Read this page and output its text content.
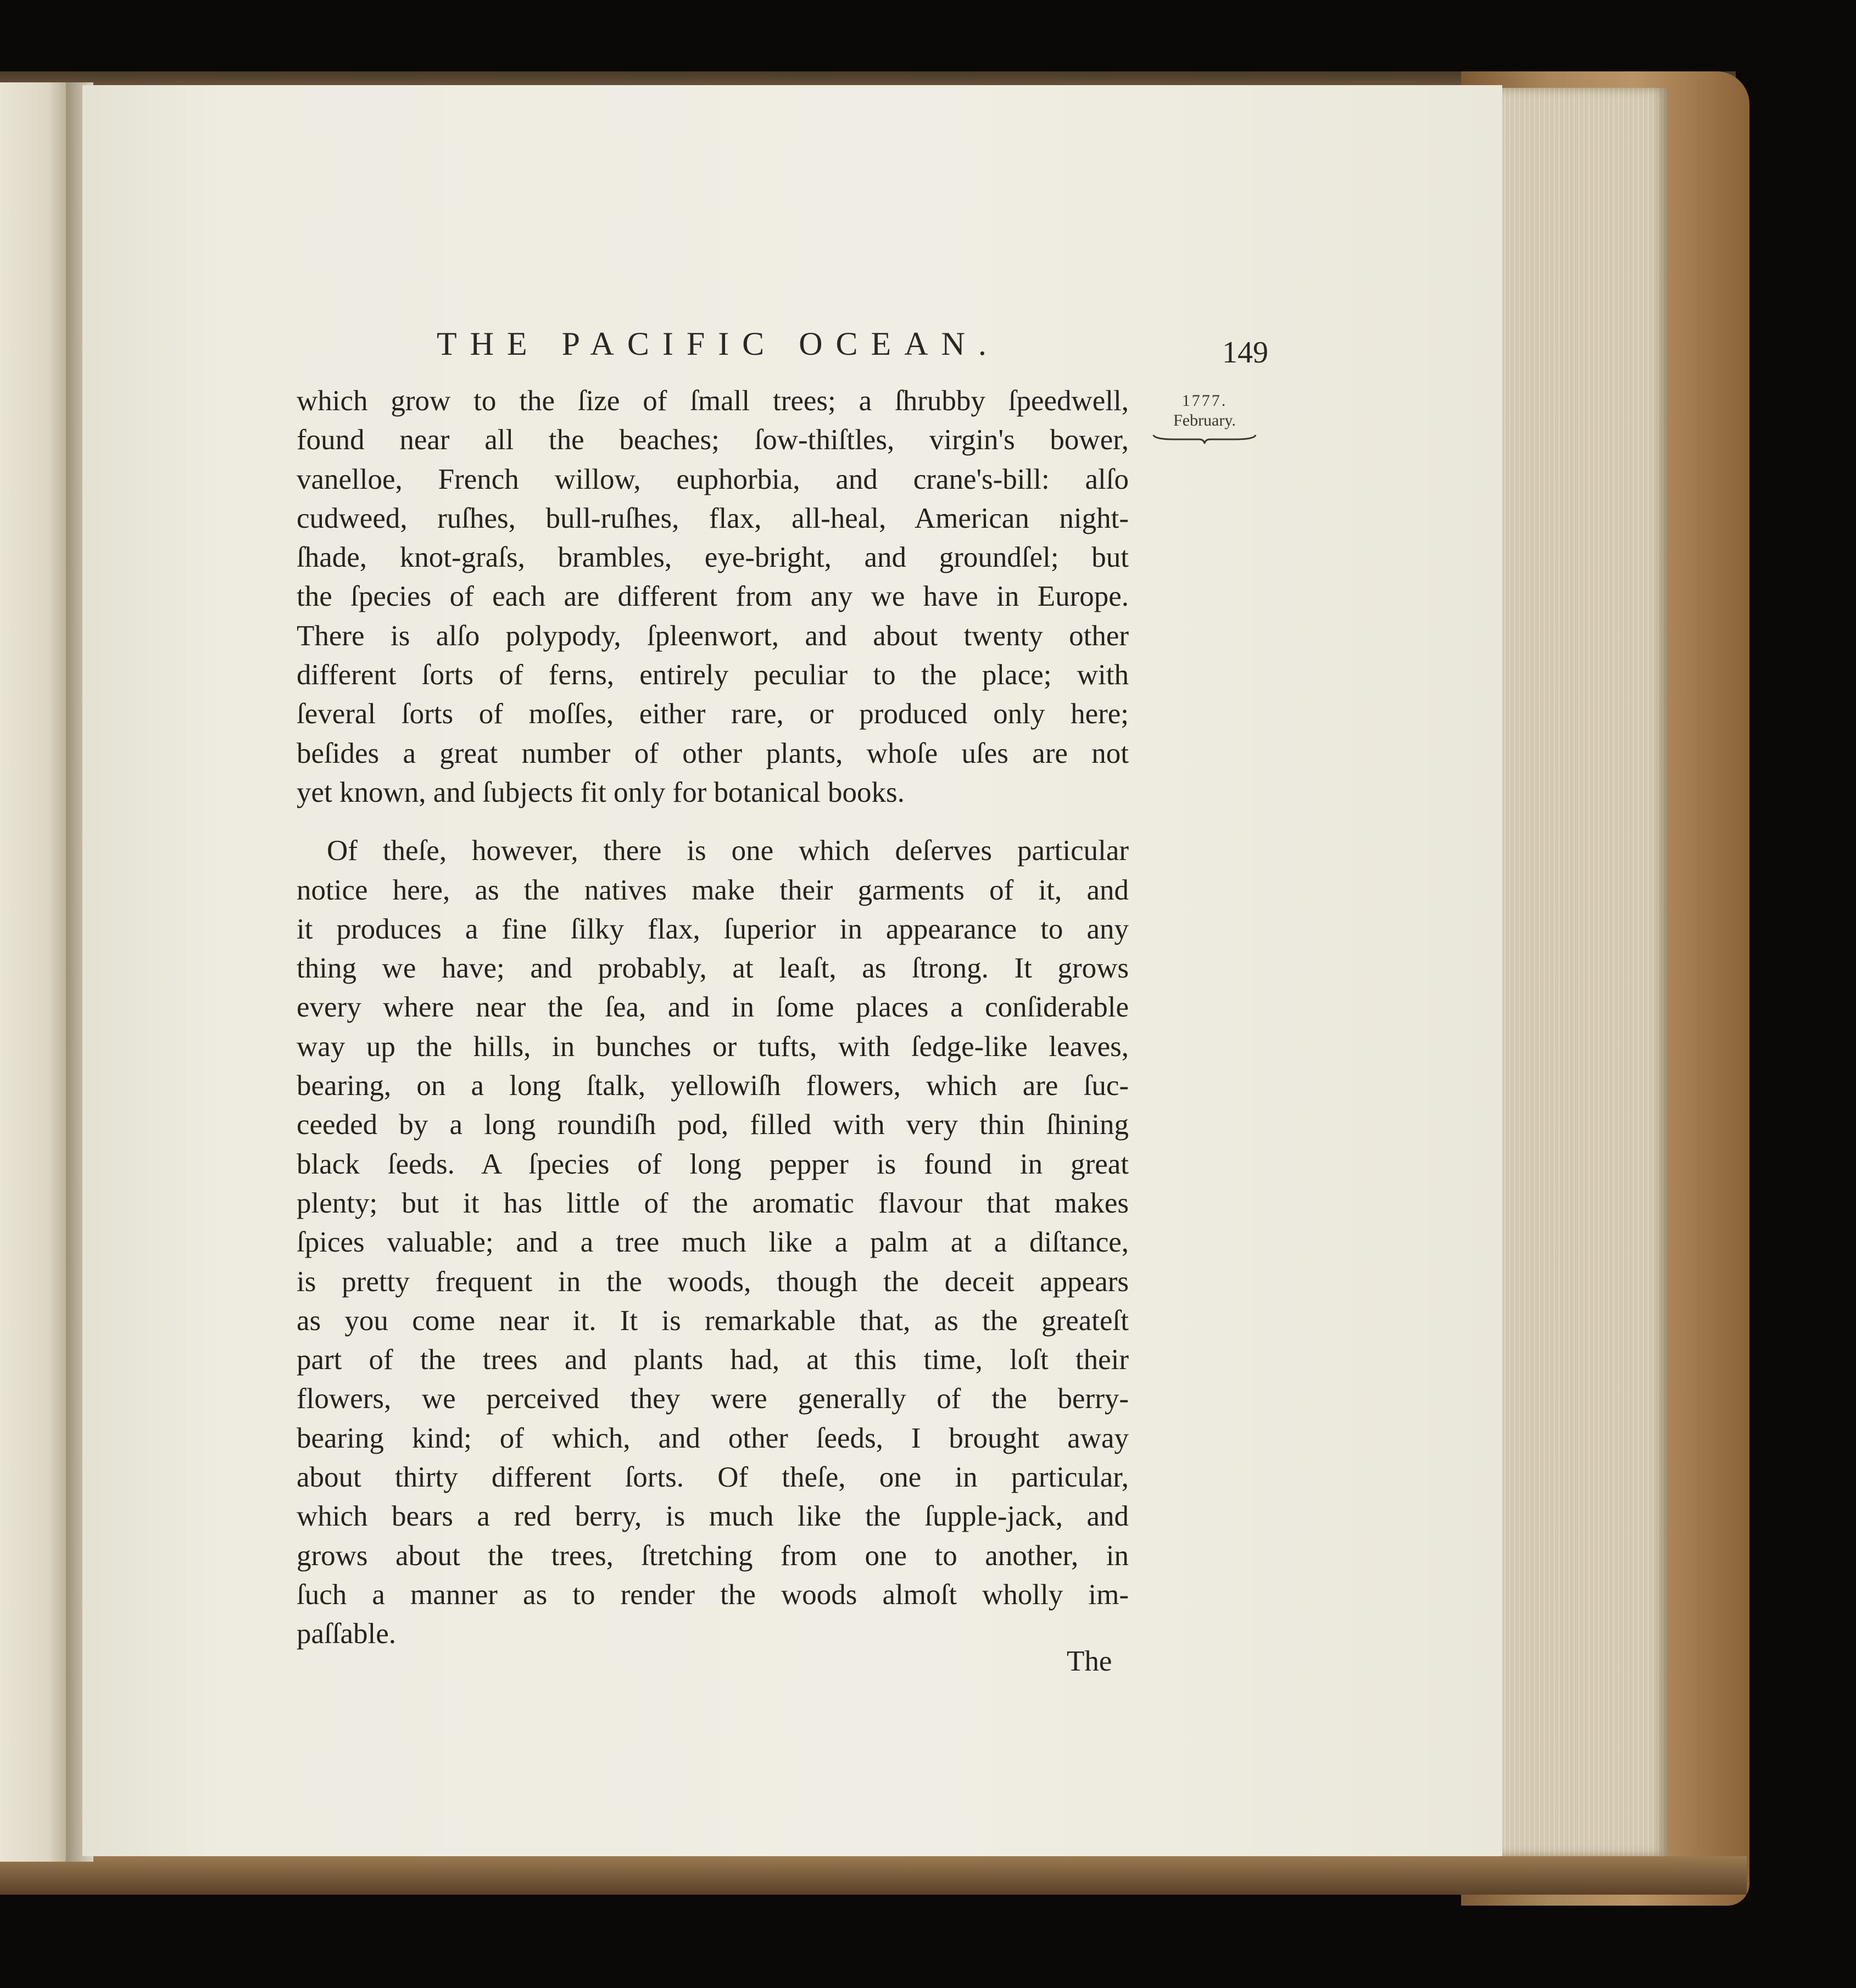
THE PACIFIC OCEAN.	149
1777.
February.
which grow to the ſize of ſmall trees; a ſhrubby ſpeedwell,
found near all the beaches; ſow-thiſtles, virgin's bower,
vanelloe, French willow, euphorbia, and crane's-bill: alſo
cudweed, ruſhes, bull-ruſhes, flax, all-heal, American night-
ſhade, knot-graſs, brambles, eye-bright, and groundſel; but
the ſpecies of each are different from any we have in Europe.
There is alſo polypody, ſpleenwort, and about twenty other
different ſorts of ferns, entirely peculiar to the place; with
ſeveral ſorts of moſſes, either rare, or produced only here;
beſides a great number of other plants, whoſe uſes are not
yet known, and ſubjects fit only for botanical books.
Of theſe, however, there is one which deſerves particular
notice here, as the natives make their garments of it, and
it produces a fine ſilky flax, ſuperior in appearance to any
thing we have; and probably, at leaſt, as ſtrong. It grows
every where near the ſea, and in ſome places a conſiderable
way up the hills, in bunches or tufts, with ſedge-like leaves,
bearing, on a long ſtalk, yellowiſh flowers, which are ſuc-
ceeded by a long roundiſh pod, filled with very thin ſhining
black ſeeds. A ſpecies of long pepper is found in great
plenty; but it has little of the aromatic flavour that makes
ſpices valuable; and a tree much like a palm at a diſtance,
is pretty frequent in the woods, though the deceit appears
as you come near it. It is remarkable that, as the greateſt
part of the trees and plants had, at this time, loſt their
flowers, we perceived they were generally of the berry-
bearing kind; of which, and other ſeeds, I brought away
about thirty different ſorts. Of theſe, one in particular,
which bears a red berry, is much like the ſupple-jack, and
grows about the trees, ſtretching from one to another, in
ſuch a manner as to render the woods almoſt wholly im-
paſſable.
The
